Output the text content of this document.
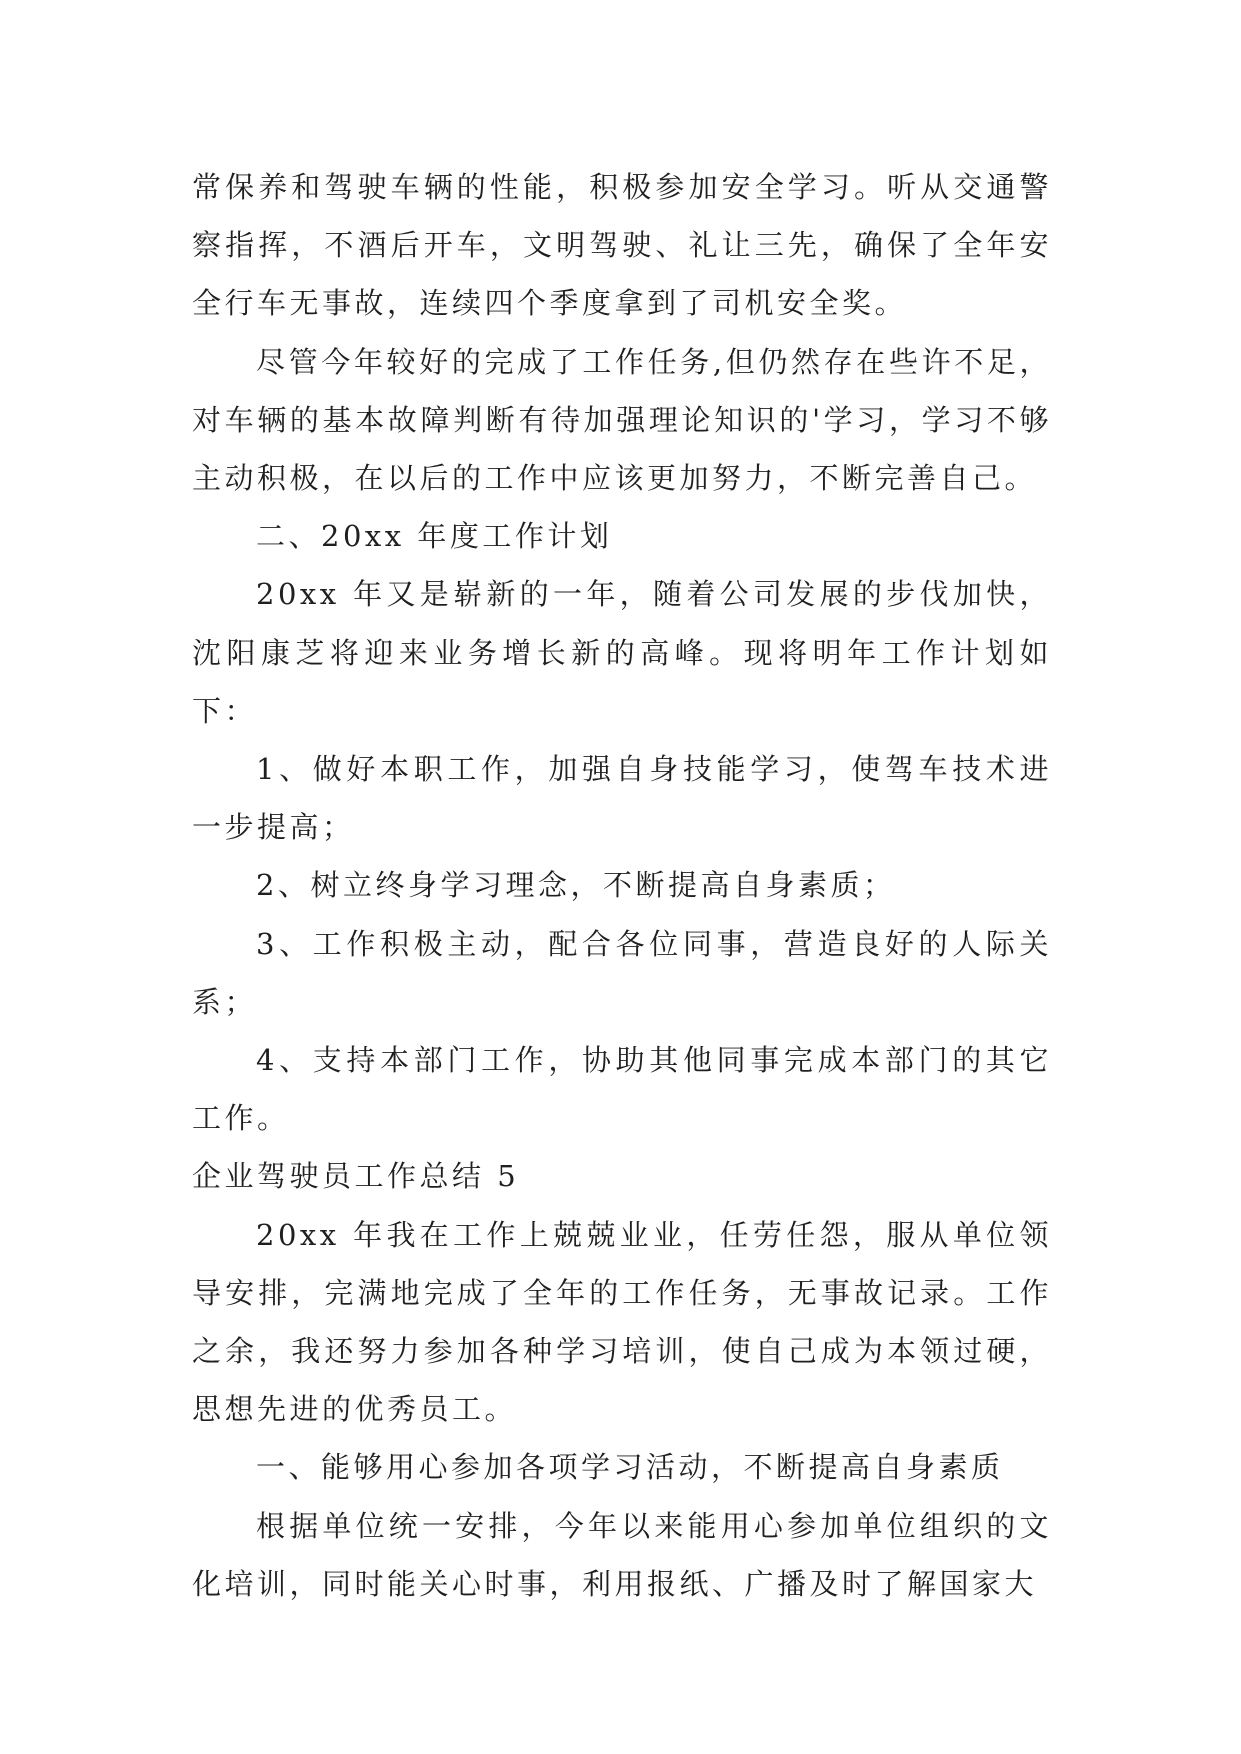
常保养和驾驶车辆的性能，积极参加安全学习。听从交通警察指挥，不酒后开车，文明驾驶、礼让三先，确保了全年安全行车无事故，连续四个季度拿到了司机安全奖。

尽管今年较好的完成了工作任务,但仍然存在些许不足，对车辆的基本故障判断有待加强理论知识的'学习，学习不够主动积极，在以后的工作中应该更加努力，不断完善自己。

二、20xx 年度工作计划

20xx 年又是崭新的一年，随着公司发展的步伐加快，沈阳康芝将迎来业务增长新的高峰。现将明年工作计划如下：

1、做好本职工作，加强自身技能学习，使驾车技术进一步提高；

2、树立终身学习理念，不断提高自身素质；

3、工作积极主动，配合各位同事，营造良好的人际关系；

4、支持本部门工作，协助其他同事完成本部门的其它工作。

企业驾驶员工作总结 5

20xx 年我在工作上兢兢业业，任劳任怨，服从单位领导安排，完满地完成了全年的工作任务，无事故记录。工作之余，我还努力参加各种学习培训，使自己成为本领过硬，思想先进的优秀员工。

一、能够用心参加各项学习活动，不断提高自身素质

根据单位统一安排，今年以来能用心参加单位组织的文化培训，同时能关心时事，利用报纸、广播及时了解国家大
